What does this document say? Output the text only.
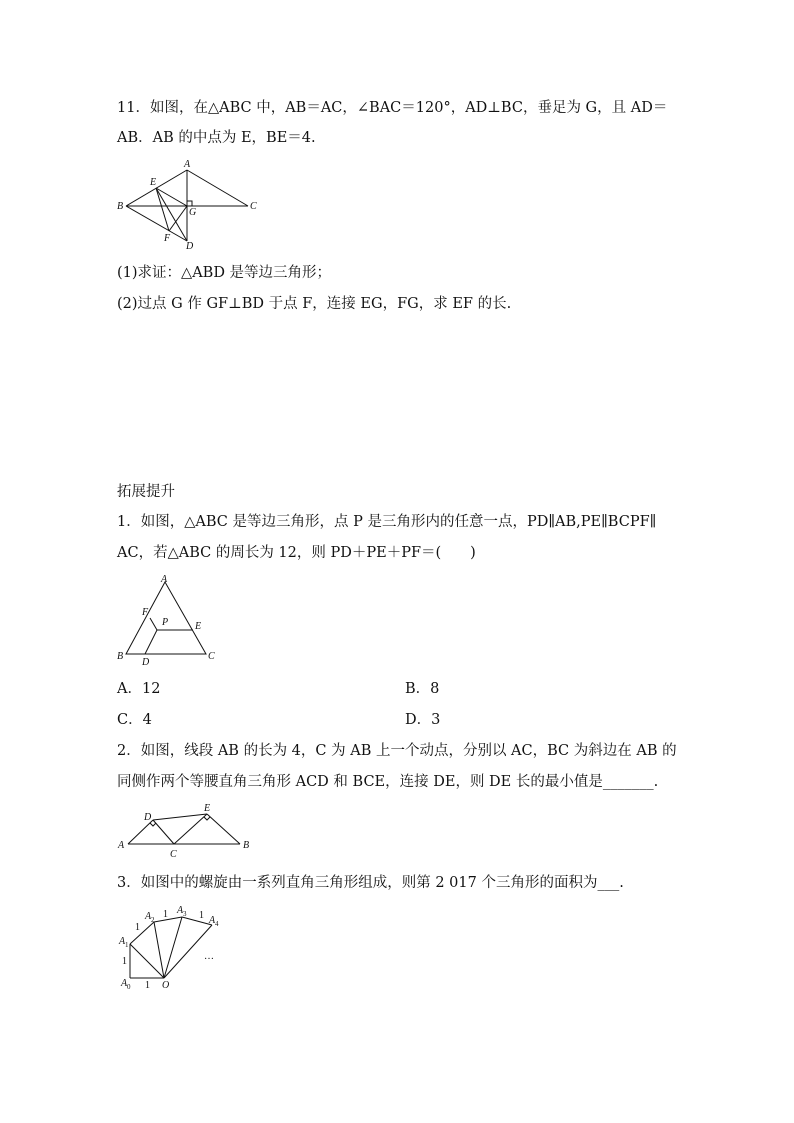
11．如图，在△ABC 中，AB＝AC，∠BAC＝120°，AD⊥BC，垂足为 G，且 AD＝
AB．AB 的中点为 E，BE＝4.
A
B	C
D
E
F
G
(1)求证：△ABD 是等边三角形；
(2)过点 G 作 GF⊥BD 于点 F，连接 EG，FG，求 EF 的长.
拓展提升
1．如图，△ABC 是等边三角形，点 P 是三角形内的任意一点，PD∥AB,PE∥BCPF∥
AC，若△ABC 的周长为 12，则 PD＋PE＋PF＝(　　)
A
B	C
D
E
F
P
A．12	B．8
C．4	D．3
2．如图，线段 AB 的长为 4，C 为 AB 上一个动点，分别以 AC，BC 为斜边在 AB 的
同侧作两个等腰直角三角形 ACD 和 BCE，连接 DE，则 DE 长的最小值是_______.
A	B
C
D
E
3．如图中的螺旋由一系列直角三角形组成，则第 2 017 个三角形的面积为___.
A 0 1 O
1
A 1
1
A 2 1 A 3 1 A 4
…
